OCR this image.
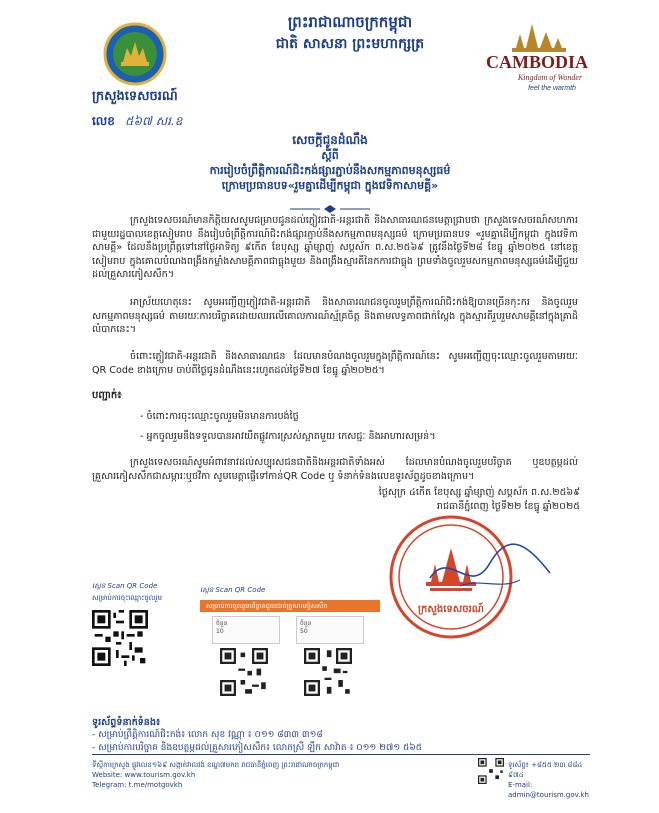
ព្រះរាជាណាចក្រកម្ពុជា
ជាតិ សាសនា ព្រះមហាក្សត្រ
CAMBODIA
Kingdom of Wonder
feel the warmth
ក្រសួងទេសចរណ៍
លេខ ៥៦៧ សរ.ឧ
សេចក្តីជូនដំណឹង
ស្តីពី
ការរៀបចំព្រឹត្តិការណ៍ជិះកង់ផ្សារភ្ជាប់នឹងសកម្មភាពមនុស្សធម៌
ក្រោមប្រធានបទ«រួមគ្នាដើម្បីកម្ពុជា ក្នុងវេទិកាសាមគ្គី»
ក្រសួងទេសចរណ៍មានកិត្តិយសសូមជម្រាបជូនដល់ភ្ញៀវជាតិ-អន្តរជាតិ និងសាធារណជនមេត្តាជ្រាបថា ក្រសួងទេសចរណ៍សហការជាមួយរដ្ឋបាលខេត្តសៀមរាប នឹងរៀបចំព្រឹត្តិការណ៍ជិះកង់ផ្សារភ្ជាប់នឹងសកម្មភាពមនុស្សធម៌ ក្រោមប្រធានបទ «រួមគ្នាដើម្បីកម្ពុជា ក្នុងវេទិកាសាមគ្គី» ដែលនឹងប្រព្រឹត្តទៅនៅថ្ងៃអាទិត្យ ៩កើត ខែបុស្ស ឆ្នាំម្សាញ់ សប្តស័ក ព.ស.២៥៦៩ ត្រូវនឹងថ្ងៃទី២៨ ខែធ្នូ ឆ្នាំ២០២៥ នៅខេត្តសៀមរាប ក្នុងគោលបំណងពង្រឹងកម្លាំងសាមគ្គីភាពជាធ្លុងមួយ និងពង្រឹងស្មារតីនៃកការជាធ្លុង ព្រមទាំងចូលរួមសកម្មភាពមនុស្សធម៌ដើម្បីជួយដល់គ្រួសារភៀសសឹក។
អាស្រ័យហេតុនេះ សូមអញ្ជើញភ្ញៀវជាតិ-អន្តរជាតិ និងសាធារណជនចូលរួមព្រឹត្តិការណ៍ជិះកង់ឱ្យបានច្រើនកុះករ និងចូលរួមសកម្មភាពមនុស្សធម៌ តាមរយៈការបរិច្ចាគដោយឈរលើគោលការណ៍ស្ម័គ្រចិត្ត និងតាមលទ្ធភាពជាក់ស្តែង ក្នុងស្មារតីរួបរួមសាមគ្គីនៅក្នុងគ្រាដ៏លំបាកនេះ។
ចំពោះភ្ញៀវជាតិ-អន្តរជាតិ និងសាធារណជន ដែលមានបំណងចូលរួមក្នុងព្រឹត្តិការណ៍នេះ សូមអញ្ជើញចុះឈ្មោះចូលរួមតាមរយៈ QR Code ខាងក្រោម ចាប់ពីថ្ងៃជូនដំណឹងនេះរហូតដល់ថ្ងៃទី២៧ ខែធ្នូ ឆ្នាំ២០២៥។
បញ្ជាក់៖
- ចំពោះការចុះឈ្មោះចូលរួមមិនមានការបង់ថ្លៃ
- អ្នកចូលរួមនឹងទទួលបានអាវយឺតផ្លូវការស្រស់ស្អាតមួយ កេសជ្ជៈ និងអាហារសម្រន់។
ក្រសួងទេសចរណ៍សូមអំពាវនាវដល់សប្បុរសជនជាតិនិងអន្តរជាតិទាំងអស់ ដែលមានបំណងចូលរួមបរិច្ចាគ ឬឧបត្ថម្ភដល់គ្រួសារភៀសសឹកជាសម្ភារៈឬថវិកា សូមមេត្តាផ្ញើទៅកាន់QR Code ឬ ទំនាក់ទំនងលេខទូរស័ព្ទដូចខាងក្រោម។
ថ្ងៃសុក្រ ៤កើត ខែបុស្ស ឆ្នាំម្សាញ់ សប្តស័ក ព.ស.២៥៦៩
រាជធានីភ្នំពេញ ថ្ងៃទី២២ ខែធ្នូ ឆ្នាំ២០២៥
ក្រសួងទេសចរណ៍
ស្កេន Scan QR Code
សម្រាប់ការចុះឈ្មោះចូលរួម
ស្កេន Scan QR Code
សម្រាប់ការចូលរួមបរិច្ចាគជួយដល់គ្រួសារភៀសសឹក
ចំនួន
10
ចំនួន
50
ទូរស័ព្ទទំនាក់ទំនង៖
- សម្រាប់ព្រឹត្តិការណ៍ជិះកង់៖ លោក សុខ វណ្ណា ៖ ០១១ ៨៣៣ ៣១៨
- សម្រាប់ការបរិច្ចាគ និងឧបត្ថម្ភដល់គ្រួសារភៀសសឹក៖ លោកស្រី ឡឹក សាវ៉ាត ៖ ០១១ ២៧១ ៥៦៥
ទីស្តីការក្រសួង ផ្លូវលេខ១៦៩ សង្កាត់វាលវង់ ខណ្ឌ៧មករា រាជធានីភ្នំពេញ ព្រះរាជាណាចក្រកម្ពុជា
Website: www.tourism.gov.kh
Telegram: t.me/motgovkh
ទូរស័ព្ទ៖ +៨៥៥ ២៣ ៨៨៤ ៩៧៤
E-mail: admin@tourism.gov.kh
